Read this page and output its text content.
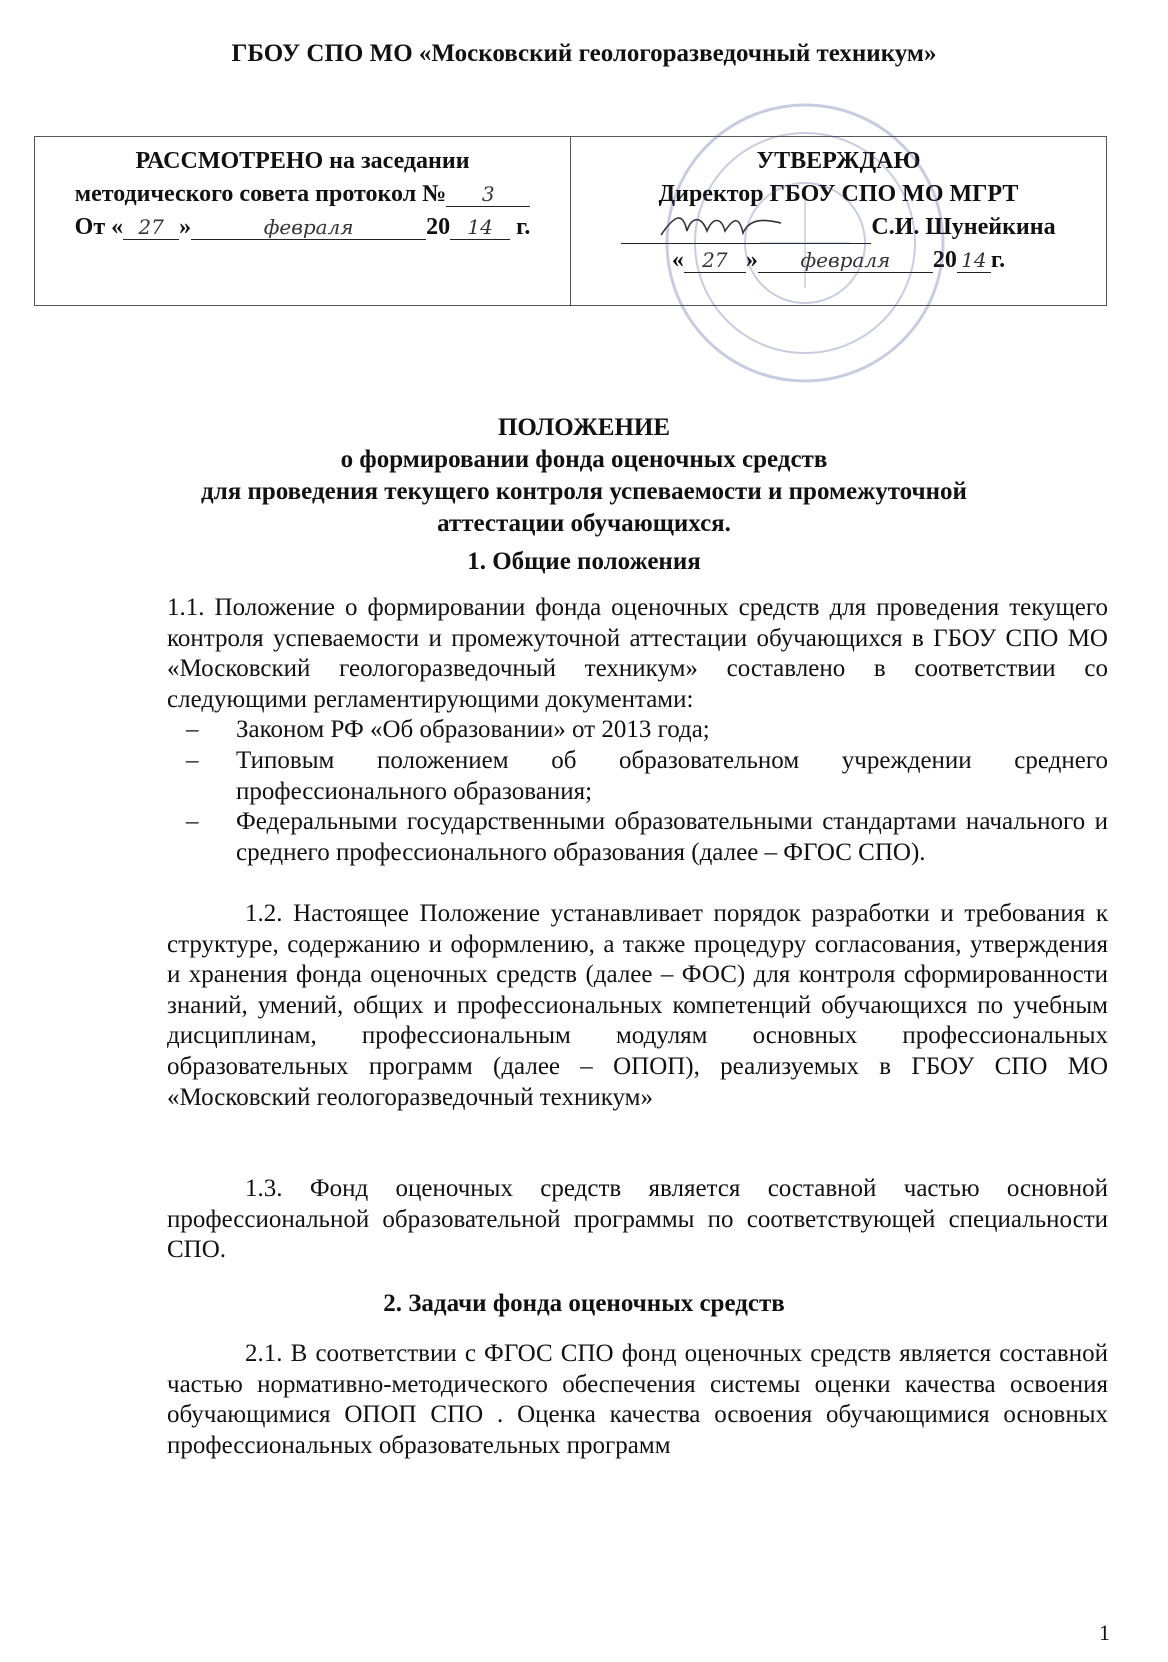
ГБОУ СПО МО «Московский геологоразведочный техникум»
РАССМОТРЕНО на заседании
методического совета протокол № 3
От « 27 »	февраля	20 14 г.
УТВЕРЖДАЮ
Директор ГБОУ СПО МО МГРТ
С.И. Шунейкина
« 27 » февраля 20 14 г.
ПОЛОЖЕНИЕ
о формировании фонда оценочных средств
для проведения текущего контроля успеваемости и промежуточной
аттестации обучающихся.
1. Общие положения
1.1. Положение о формировании фонда оценочных средств для проведения текущего контроля успеваемости и промежуточной аттестации обучающихся в ГБОУ СПО МО «Московский геологоразведочный техникум» составлено в соответствии со следующими регламентирующими документами:
– Законом РФ «Об образовании» от 2013 года;
– Типовым положением об образовательном учреждении среднего профессионального образования;
– Федеральными государственными образовательными стандартами начального и среднего профессионального образования (далее – ФГОС СПО).
1.2. Настоящее Положение устанавливает порядок разработки и требования к структуре, содержанию и оформлению, а также процедуру согласования, утверждения и хранения фонда оценочных средств (далее – ФОС) для контроля сформированности знаний, умений, общих и профессиональных компетенций обучающихся по учебным дисциплинам, профессиональным модулям основных профессиональных образовательных программ (далее – ОПОП), реализуемых в ГБОУ СПО МО «Московский геологоразведочный техникум»
1.3. Фонд оценочных средств является составной частью основной профессиональной образовательной программы по соответствующей специальности СПО.
2. Задачи фонда оценочных средств
2.1. В соответствии с ФГОС СПО фонд оценочных средств является составной частью нормативно-методического обеспечения системы оценки качества освоения обучающимися ОПОП СПО . Оценка качества освоения обучающимися основных профессиональных образовательных программ
1
